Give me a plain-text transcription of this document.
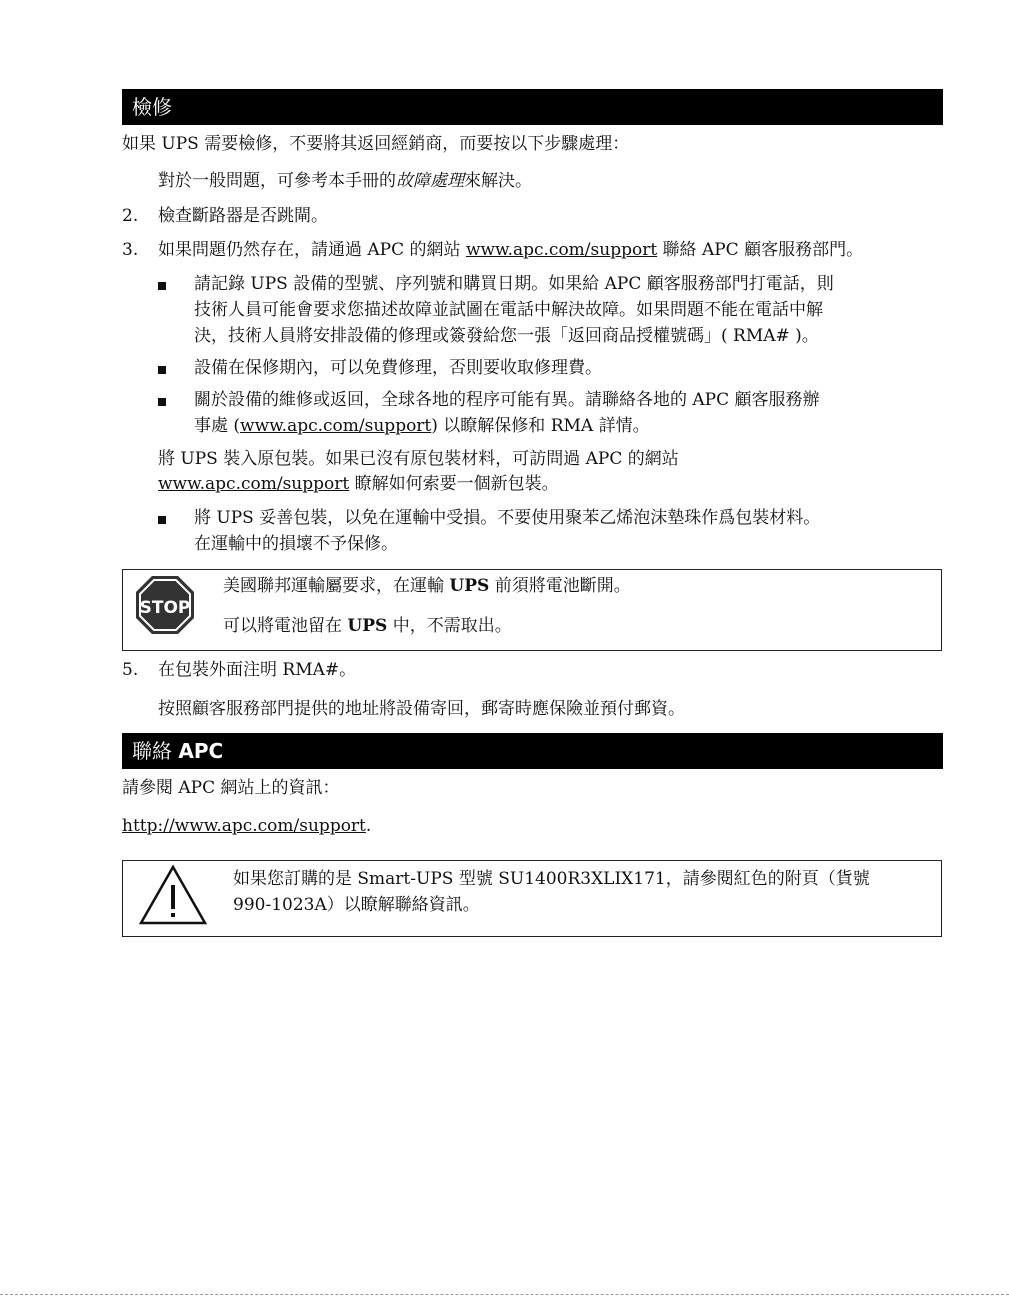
檢修
如果 UPS 需要檢修，不要將其返回經銷商，而要按以下步驟處理：
對於一般問題，可參考本手冊的故障處理來解決。
2.	檢查斷路器是否跳閘。
3.	如果問題仍然存在，請通過 APC 的網站 www.apc.com/support 聯絡 APC 顧客服務部門。
請記錄 UPS 設備的型號、序列號和購買日期。如果給 APC 顧客服務部門打電話，則
技術人員可能會要求您描述故障並試圖在電話中解決故障。如果問題不能在電話中解
決，技術人員將安排設備的修理或簽發給您一張「返回商品授權號碼」( RMA# )。
設備在保修期內，可以免費修理，否則要收取修理費。
關於設備的維修或返回，全球各地的程序可能有異。請聯絡各地的 APC 顧客服務辦
事處 (www.apc.com/support) 以瞭解保修和 RMA 詳情。
將 UPS 裝入原包裝。如果已沒有原包裝材料，可訪問過 APC 的網站
www.apc.com/support 瞭解如何索要一個新包裝。
將 UPS 妥善包裝，以免在運輸中受損。不要使用聚苯乙烯泡沫墊珠作爲包裝材料。
在運輸中的損壞不予保修。
STOP
美國聯邦運輸屬要求，在運輸 UPS 前須將電池斷開。
可以將電池留在 UPS 中，不需取出。
5.	在包裝外面注明 RMA#。
按照顧客服務部門提供的地址將設備寄回，郵寄時應保險並預付郵資。
聯絡 APC
請參閱 APC 網站上的資訊：
http://www.apc.com/support.
如果您訂購的是 Smart-UPS 型號 SU1400R3XLIX171，請參閱紅色的附頁（貨號
990-1023A）以瞭解聯絡資訊。
